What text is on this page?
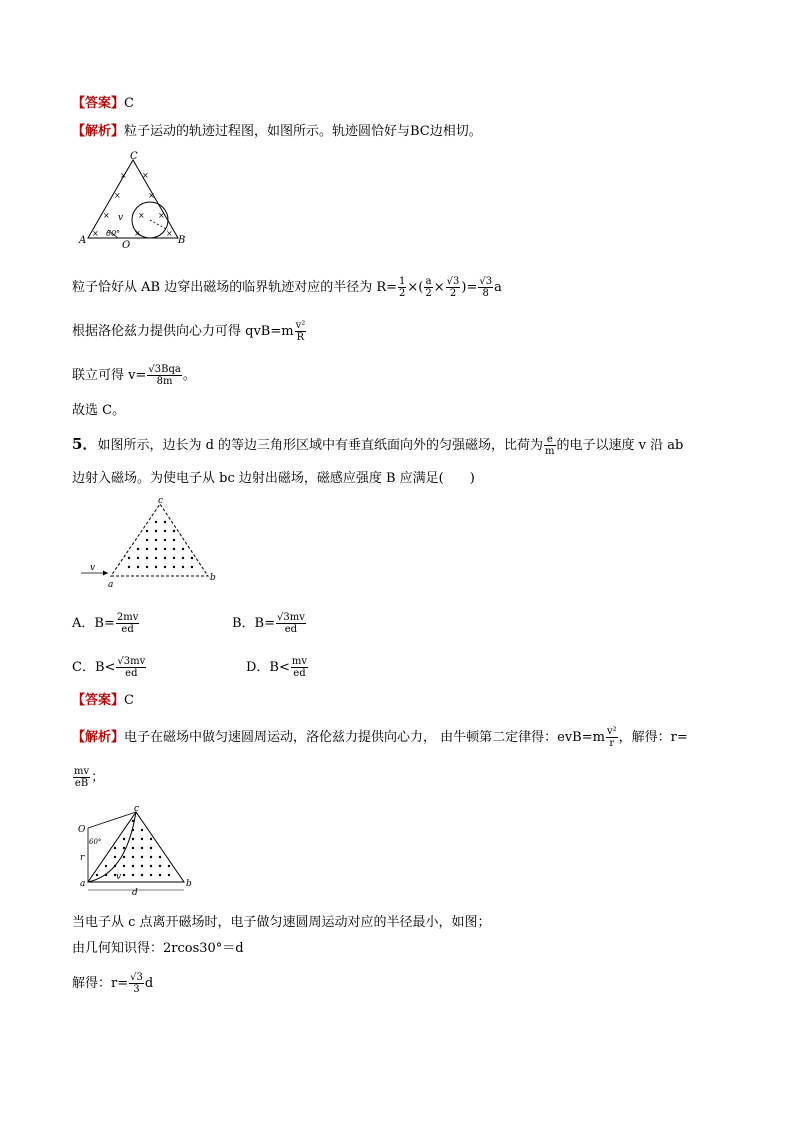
【答案】C
【解析】粒子运动的轨迹过程图，如图所示。轨迹圆恰好与BC边相切。
C
A	B
O
v
60°
× ×
×	×
×	× ×
×	×	×
粒子恰好从 AB 边穿出磁场的临界轨迹对应的半径为 $R= \frac{1}{2}$ ×( $\frac{a}{2} \times \frac{√3}{2}$ )= $\frac{√3}{8}$ a
根据洛伦兹力提供向心力可得 $qvB=m \frac{\text{v²}}{R}$
联立可得 $v= \frac{\text{√3Bqa}}{8m}$ 。
故选 C。
5．如图所示，边长为 d 的等边三角形区域中有垂直纸面向外的匀强磁场，比荷为 $\frac{e}{m}$ 的电子以速度 v 沿 ab
边射入磁场。为使电子从 bc 边射出磁场，磁感应强度 B 应满足(　　)
v
a
b
c
A．$B= \frac{2mv}{ed}$	B．$B= \frac{√3mv}{ed}$
C．$B< \frac{√3mv}{ed}$	D．$B< \frac{mv}{ed}$
【答案】C
【解析】电子在磁场中做匀速圆周运动，洛伦兹力提供向心力， 由牛顿第二定律得：$evB=m \frac{\text{v²}}{r}$ ，解得：r=
$\frac{mv}{eB}$ ；
O
a	b
c
r
v
d
60°
当电子从 c 点离开磁场时，电子做匀速圆周运动对应的半径最小，如图；
由几何知识得：2rcos30°＝d
解得：$r= \frac{√3}{3}$ d
